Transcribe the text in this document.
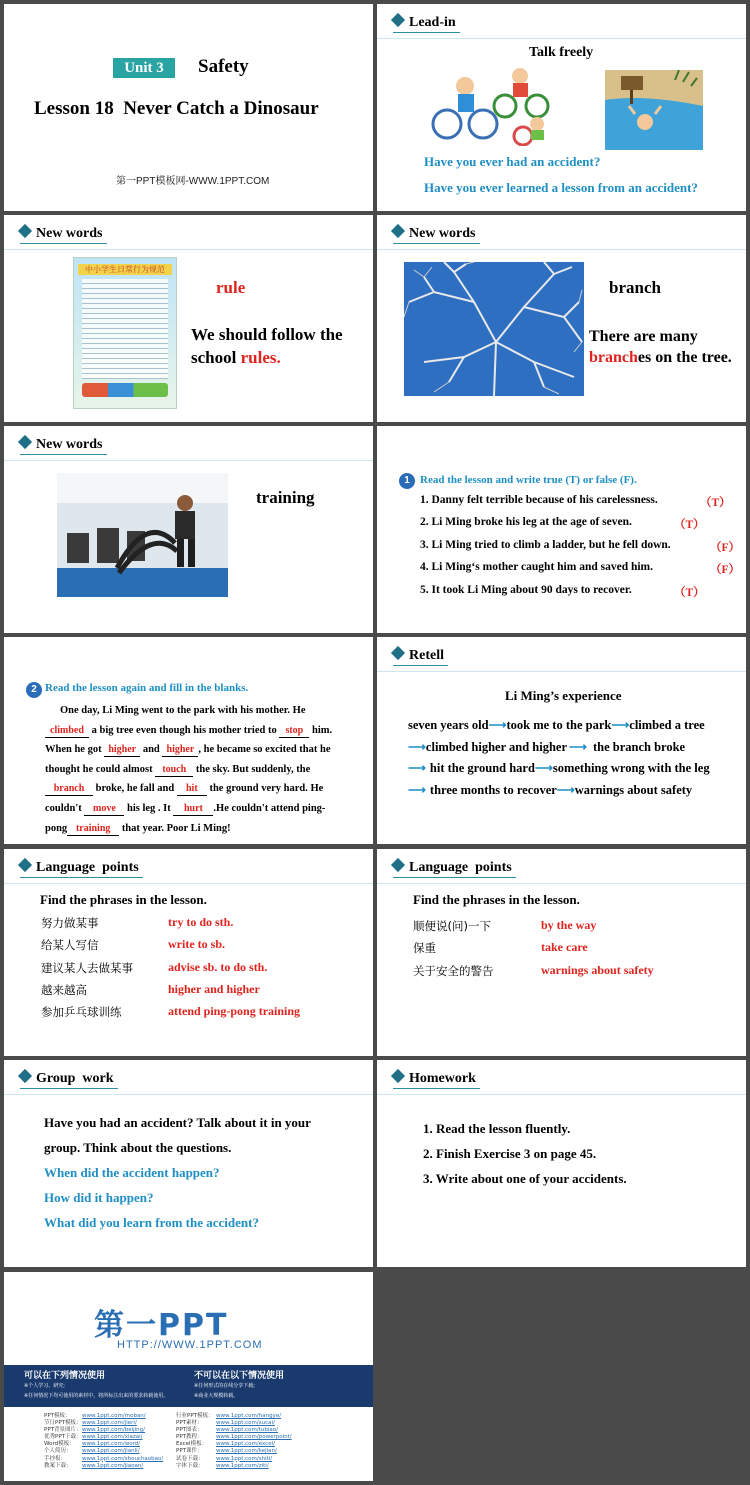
Unit 3	Safety
Lesson 18  Never Catch a Dinosaur
第一PPT模板网-WWW.1PPT.COM
Lead-in
Talk freely
Have you ever had an accident?
Have you ever learned a lesson from an accident?
New words
中小学生日常行为规范
rule
We should follow the
school rules.
New words
branch
There are many
branches on the tree.
New words
training
1 Read the lesson and write true (T) or false (F).
1. Danny felt terrible because of his carelessness.	（T）
2. Li Ming broke his leg at the age of seven.	（T）
3. Li Ming tried to climb a ladder, but he fell down.	（F）
4. Li Ming‘s mother caught him and saved him.	（F）
5. It took Li Ming about 90 days to recover.	（T）
2 Read the lesson again and fill in the blanks.
One day, Li Ming went to the park with his mother. He
climbed a big tree even though his mother tried to stop him.
When he got higher and higher , he became so excited that he
thought he could almost touch the sky. But suddenly, the
branch broke, he fall and hit the ground very hard. He
couldn't move his leg . It hurt .He couldn't attend ping-
pong training that year. Poor Li Ming!
Retell
Li Ming’s experience
seven years old⟶took me to the park⟶climbed a tree
⟶climbed higher and higher ⟶ the branch broke
⟶ hit the ground hard⟶something wrong with the leg
⟶ three months to recover⟶warnings about safety
Language  points
Find the phrases in the lesson.
努力做某事	try to do sth.
给某人写信	write to sb.
建议某人去做某事	advise sb. to do sth.
越来越高	higher and higher
参加乒乓球训练	attend ping-pong training
Language  points
Find the phrases in the lesson.
顺便说(问)一下	by the way
保重	take care
关于安全的警告	warnings about safety
Group  work
Have you had an accident? Talk about it in your
group. Think about the questions.
When did the accident happen?
How did it happen?
What did you learn from the accident?
Homework
1. Read the lesson fluently.
2. Finish Exercise 3 on page 45.
3. Write about one of your accidents.
第一PPT
HTTP://WWW.1PPT.COM
可以在下列情况使用
※个人学习、研究;
※任何情况下均可使用的素材中，将所标注出来的要求转载使用。
不可以在以下情况使用
※任何形式的在线分享下载;
※商业大规模转载。
PPT模板： www.1ppt.com/moban/
节日PPT模板：www.1ppt.com/jieri/
PPT背景图片：www.1ppt.com/beijing/
优秀PPT下载：www.1ppt.com/xiazai/
Word模板： www.1ppt.com/word/
个人简历： www.1ppt.com/jianli/
手抄报：	www.1ppt.com/shouchaobao/
教案下载： www.1ppt.com/jiaoan/
行业PPT模板： www.1ppt.com/hangye/
PPT素材： www.1ppt.com/sucai/
PPT图表： www.1ppt.com/tubiao/
PPT教程： www.1ppt.com/powerpoint/
Excel模板： www.1ppt.com/excel/
PPT课件： www.1ppt.com/kejian/
试卷下载： www.1ppt.com/shiti/
字体下载： www.1ppt.com/ziti/
